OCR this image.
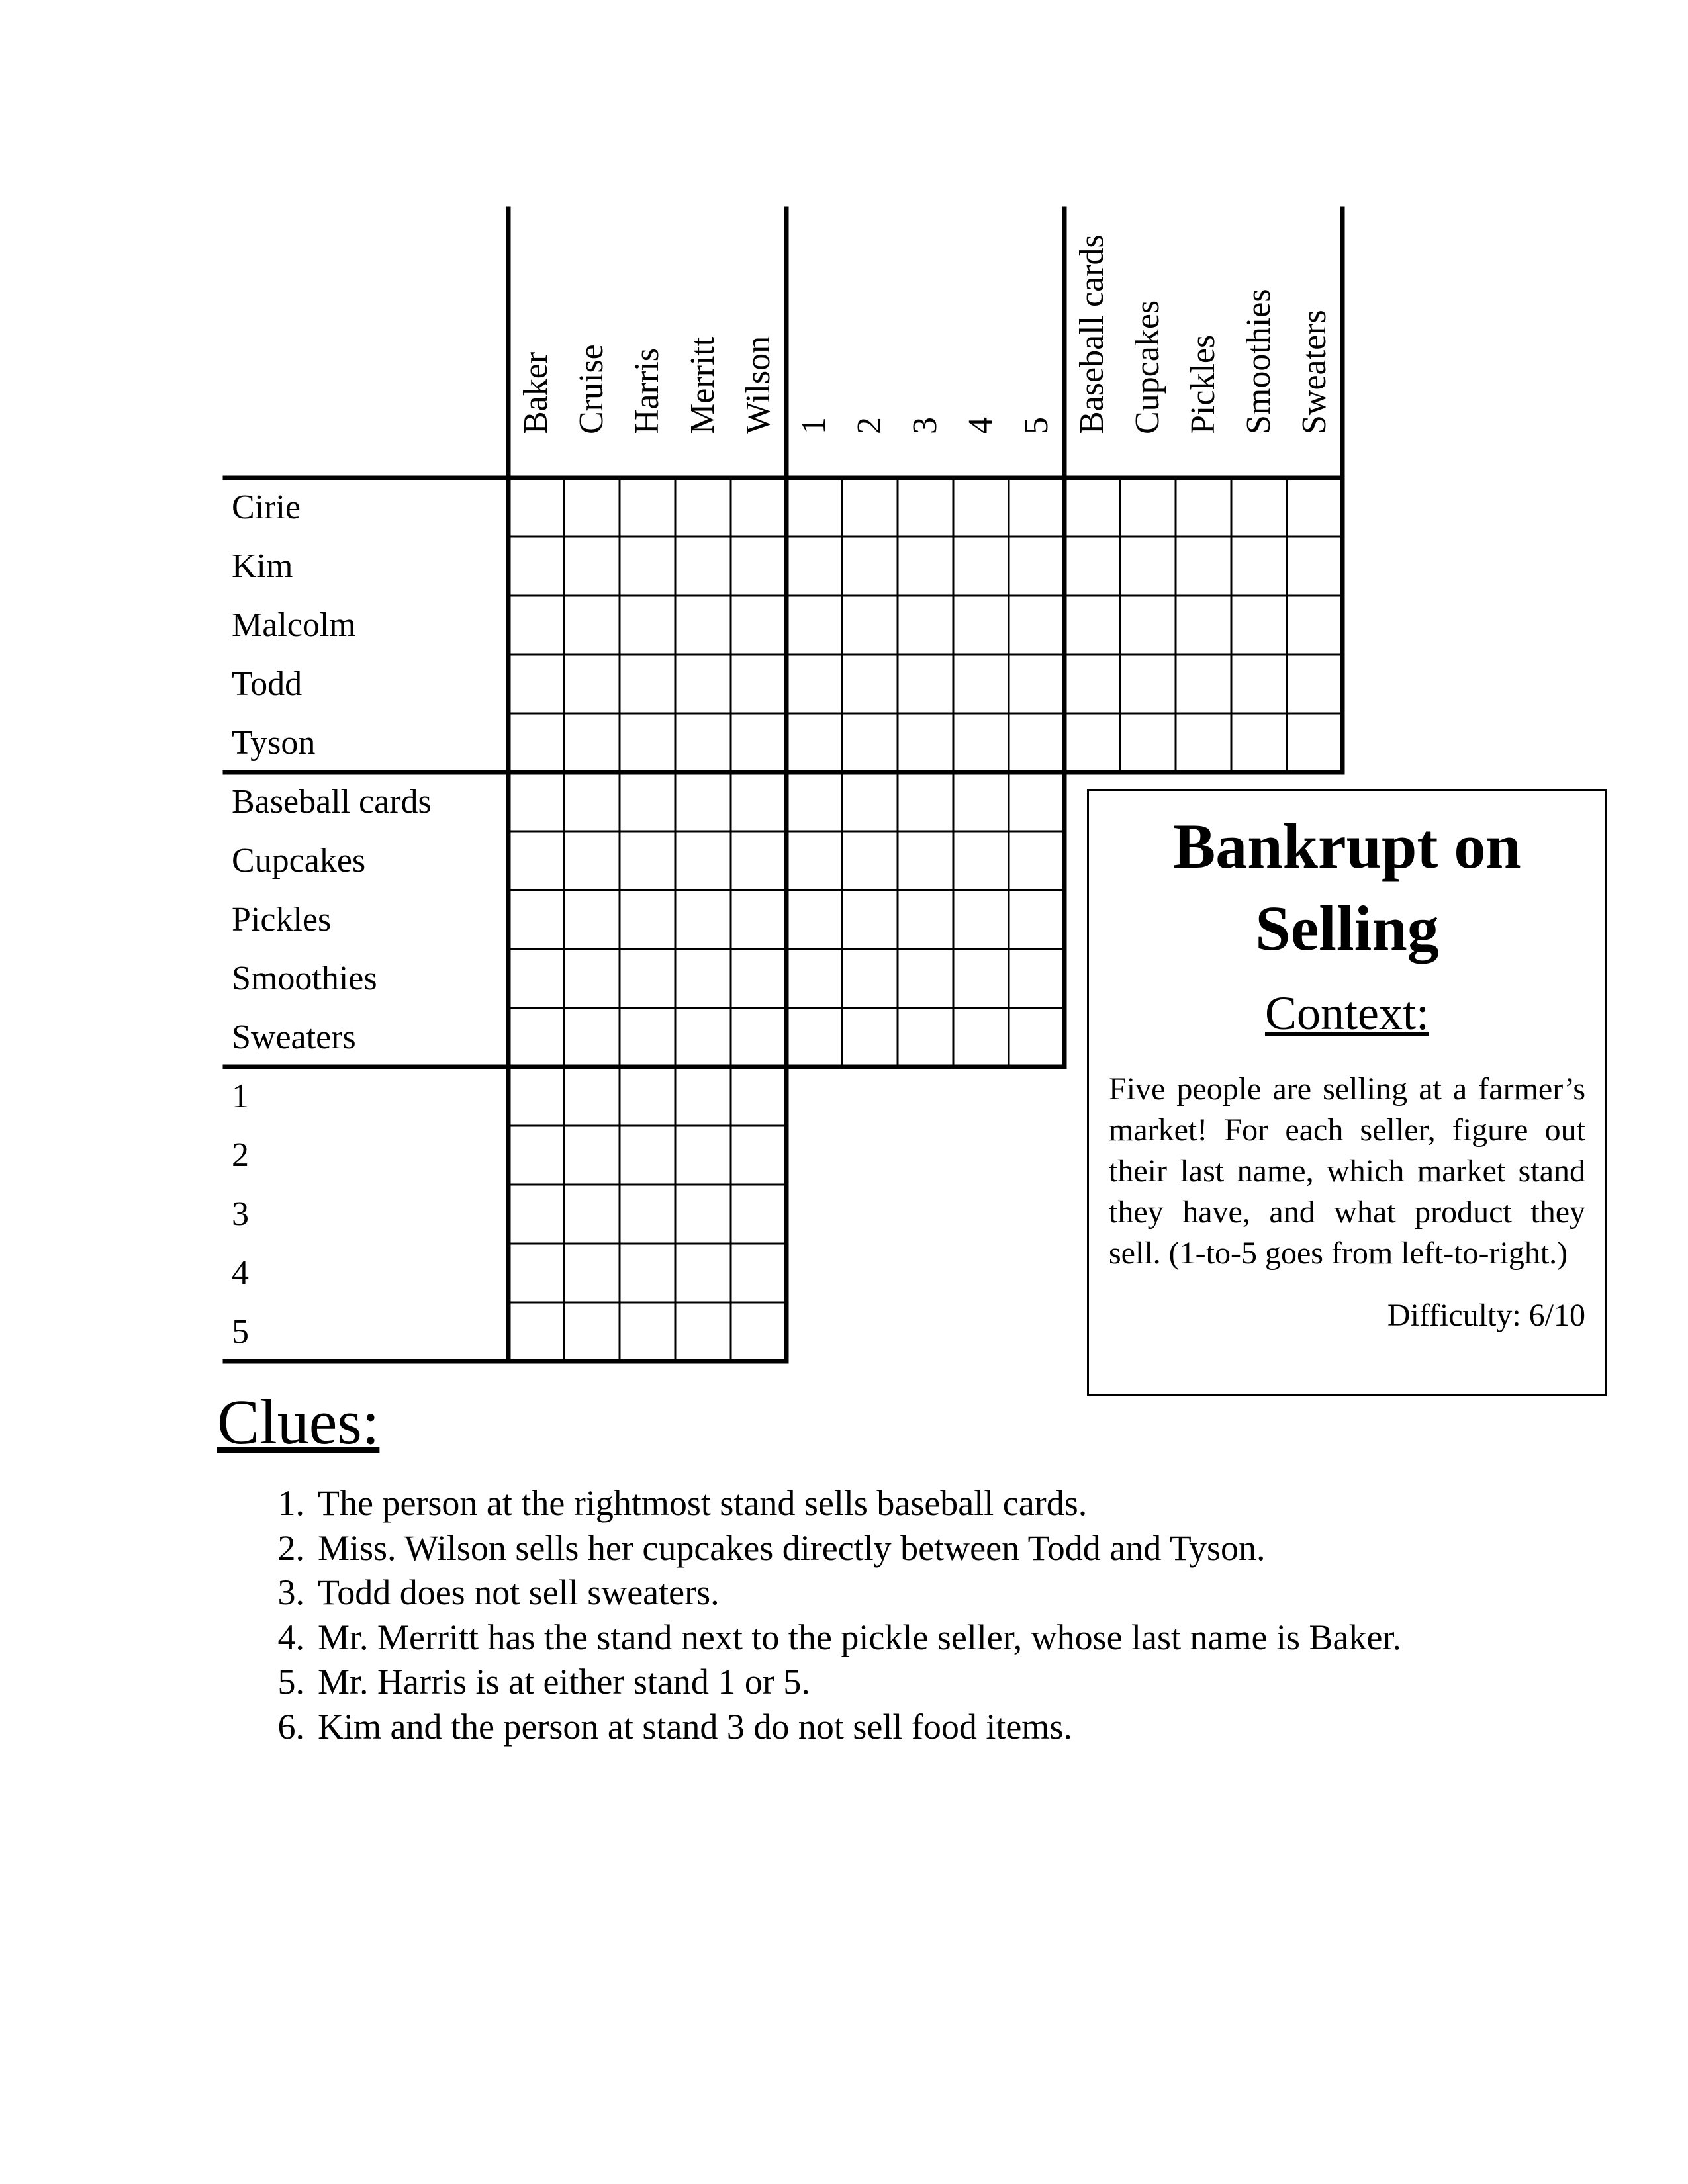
Cirie
Kim
Malcolm
Todd
Tyson
Baseball cards
Cupcakes
Pickles
Smoothies
Sweaters
1
2
3
4
5
Baker Cruise Harris Merritt Wilson 1 2 3 4 5 Baseball cards Cupcakes Pickles Smoothies Sweaters
Bankrupt on Selling
Context:

Five people are selling at a farmer’s market! For each seller, figure out their last name, which market stand they have, and what product they sell. (1-to-5 goes from left-to-right.)

Difficulty: 6/10
Clues:
1. The person at the rightmost stand sells baseball cards.
2. Miss. Wilson sells her cupcakes directly between Todd and Tyson.
3. Todd does not sell sweaters.
4. Mr. Merritt has the stand next to the pickle seller, whose last name is Baker.
5. Mr. Harris is at either stand 1 or 5.
6. Kim and the person at stand 3 do not sell food items.
